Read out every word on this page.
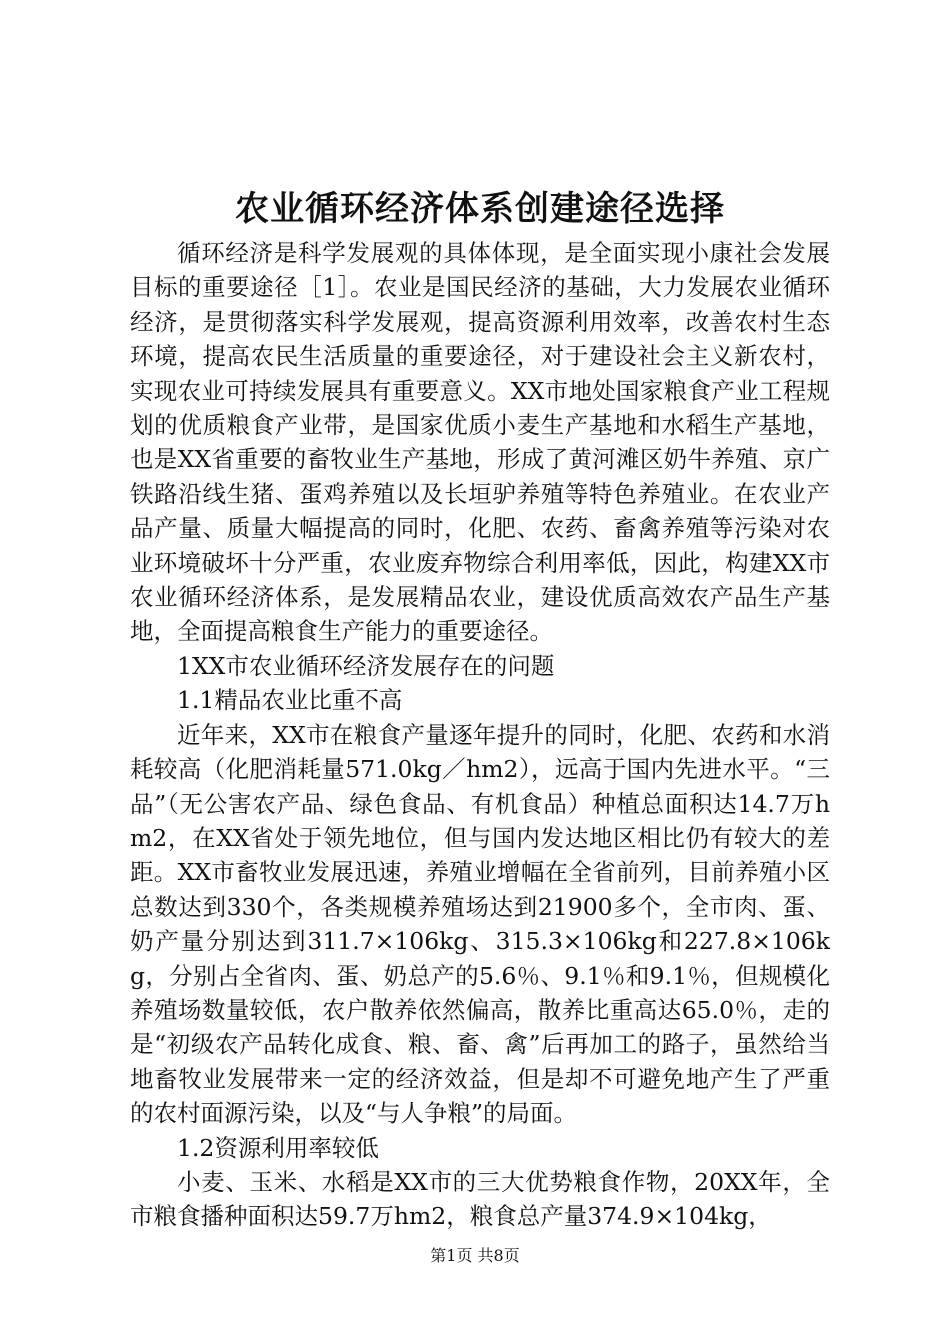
农业循环经济体系创建途径选择

循环经济是科学发展观的具体体现，是全面实现小康社会发展目标的重要途径［1］。农业是国民经济的基础，大力发展农业循环经济，是贯彻落实科学发展观，提高资源利用效率，改善农村生态环境，提高农民生活质量的重要途径，对于建设社会主义新农村，实现农业可持续发展具有重要意义。XX市地处国家粮食产业工程规划的优质粮食产业带，是国家优质小麦生产基地和水稻生产基地，也是XX省重要的畜牧业生产基地，形成了黄河滩区奶牛养殖、京广铁路沿线生猪、蛋鸡养殖以及长垣驴养殖等特色养殖业。在农业产品产量、质量大幅提高的同时，化肥、农药、畜禽养殖等污染对农业环境破坏十分严重，农业废弃物综合利用率低，因此，构建XX市农业循环经济体系，是发展精品农业，建设优质高效农产品生产基地，全面提高粮食生产能力的重要途径。

1XX市农业循环经济发展存在的问题

1.1精品农业比重不高

近年来，XX市在粮食产量逐年提升的同时，化肥、农药和水消耗较高（化肥消耗量571.0kg／hm2），远高于国内先进水平。“三品”（无公害农产品、绿色食品、有机食品）种植总面积达14.7万hm2，在XX省处于领先地位，但与国内发达地区相比仍有较大的差距。XX市畜牧业发展迅速，养殖业增幅在全省前列，目前养殖小区总数达到330个，各类规模养殖场达到21900多个，全市肉、蛋、奶产量分别达到311.7×106kg、315.3×106kg和227.8×106kg，分别占全省肉、蛋、奶总产的5.6％、9.1％和9.1％，但规模化养殖场数量较低，农户散养依然偏高，散养比重高达65.0％，走的是“初级农产品转化成食、粮、畜、禽”后再加工的路子，虽然给当地畜牧业发展带来一定的经济效益，但是却不可避免地产生了严重的农村面源污染，以及“与人争粮”的局面。

1.2资源利用率较低

小麦、玉米、水稻是XX市的三大优势粮食作物，20XX年，全市粮食播种面积达59.7万hm2，粮食总产量374.9×104kg，

第1页 共8页
